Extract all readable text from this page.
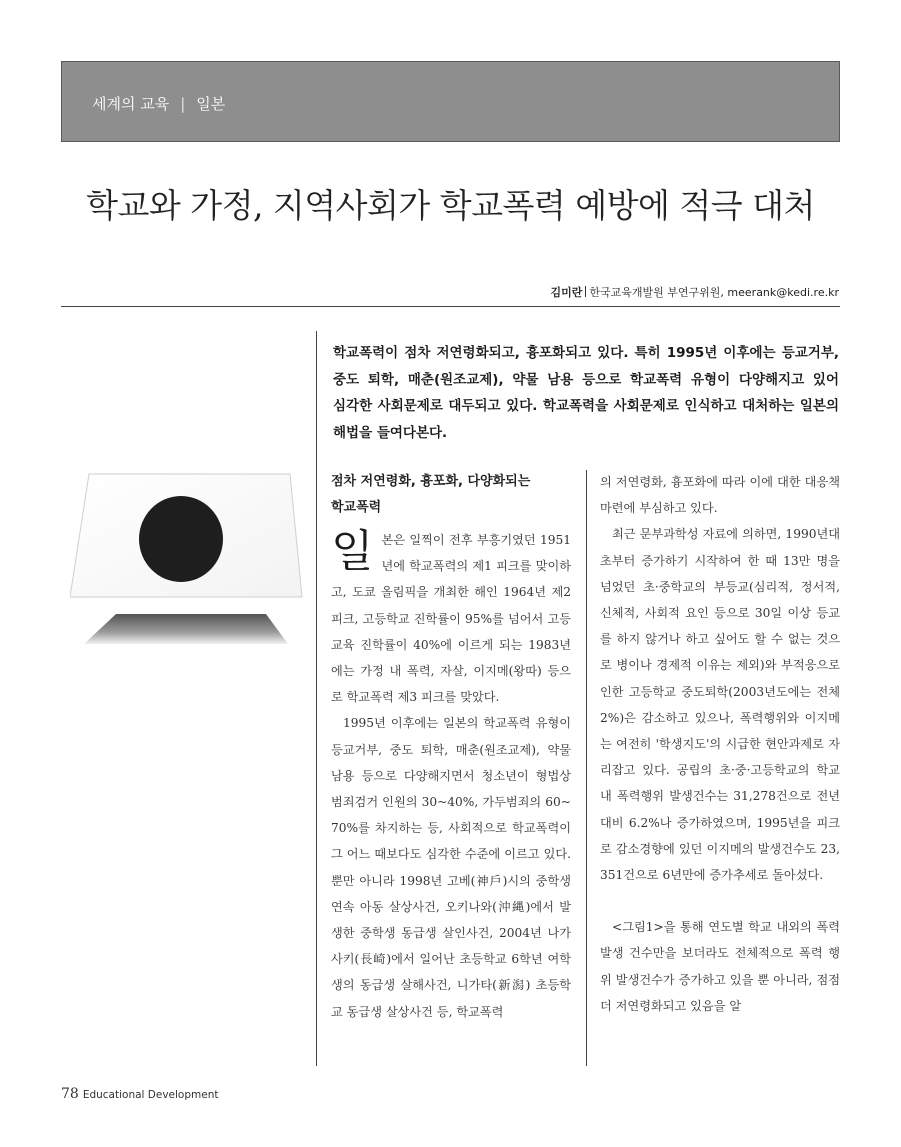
세계의 교육 | 일본
학교와 가정, 지역사회가 학교폭력 예방에 적극 대처
김미란 한국교육개발원 부연구위원, meerank@kedi.re.kr

학교폭력이 점차 저연령화되고, 흉포화되고 있다. 특히 1995년 이후에는 등교거부, 중도 퇴학, 매춘(원조교제), 약물 남용 등으로 학교폭력 유형이 다양해지고 있어 심각한 사회문제로 대두되고 있다. 학교폭력을 사회문제로 인식하고 대처하는 일본의 해법을 들여다본다.

점차 저연령화, 흉포화, 다양화되는
학교폭력

일본은 일찍이 전후 부흥기였던 1951년에 학교폭력의 제1 피크를 맞이하고, 도쿄 올림픽을 개최한 해인 1964년 제2 피크, 고등학교 진학률이 95%를 넘어서 고등교육 진학률이 40%에 이르게 되는 1983년에는 가정 내 폭력, 자살, 이지메(왕따) 등으로 학교폭력 제3 피크를 맞았다.

1995년 이후에는 일본의 학교폭력 유형이 등교거부, 중도 퇴학, 매춘(원조교제), 약물 남용 등으로 다양해지면서 청소년이 형법상 범죄검거 인원의 30~40%, 가두범죄의 60~70%를 차지하는 등, 사회적으로 학교폭력이 그 어느 때보다도 심각한 수준에 이르고 있다. 뿐만 아니라 1998년 고베(神戶)시의 중학생 연속 아동 살상사건, 오키나와(沖縄)에서 발생한 중학생 동급생 살인사건, 2004년 나가사키(長崎)에서 일어난 초등학교 6학년 여학생의 동급생 살해사건, 니가타(新潟) 초등학교 동급생 살상사건 등, 학교폭력

의 저연령화, 흉포화에 따라 이에 대한 대응책 마련에 부심하고 있다.

최근 문부과학성 자료에 의하면, 1990년대 초부터 증가하기 시작하여 한 때 13만 명을 넘었던 초·중학교의 부등교(심리적, 정서적, 신체적, 사회적 요인 등으로 30일 이상 등교를 하지 않거나 하고 싶어도 할 수 없는 것으로 병이나 경제적 이유는 제외)와 부적응으로 인한 고등학교 중도퇴학(2003년도에는 전체 2%)은 감소하고 있으나, 폭력행위와 이지메는 여전히 '학생지도'의 시급한 현안과제로 자리잡고 있다. 공립의 초·중·고등학교의 학교 내 폭력행위 발생건수는 31,278건으로 전년대비 6.2%나 증가하였으며, 1995년을 피크로 감소경향에 있던 이지메의 발생건수도 23,351건으로 6년만에 증가추세로 돌아섰다.

<그림1>을 통해 연도별 학교 내외의 폭력 발생 건수만을 보더라도 전체적으로 폭력 행위 발생건수가 증가하고 있을 뿐 아니라, 점점 더 저연령화되고 있음을 알

78 Educational Development
